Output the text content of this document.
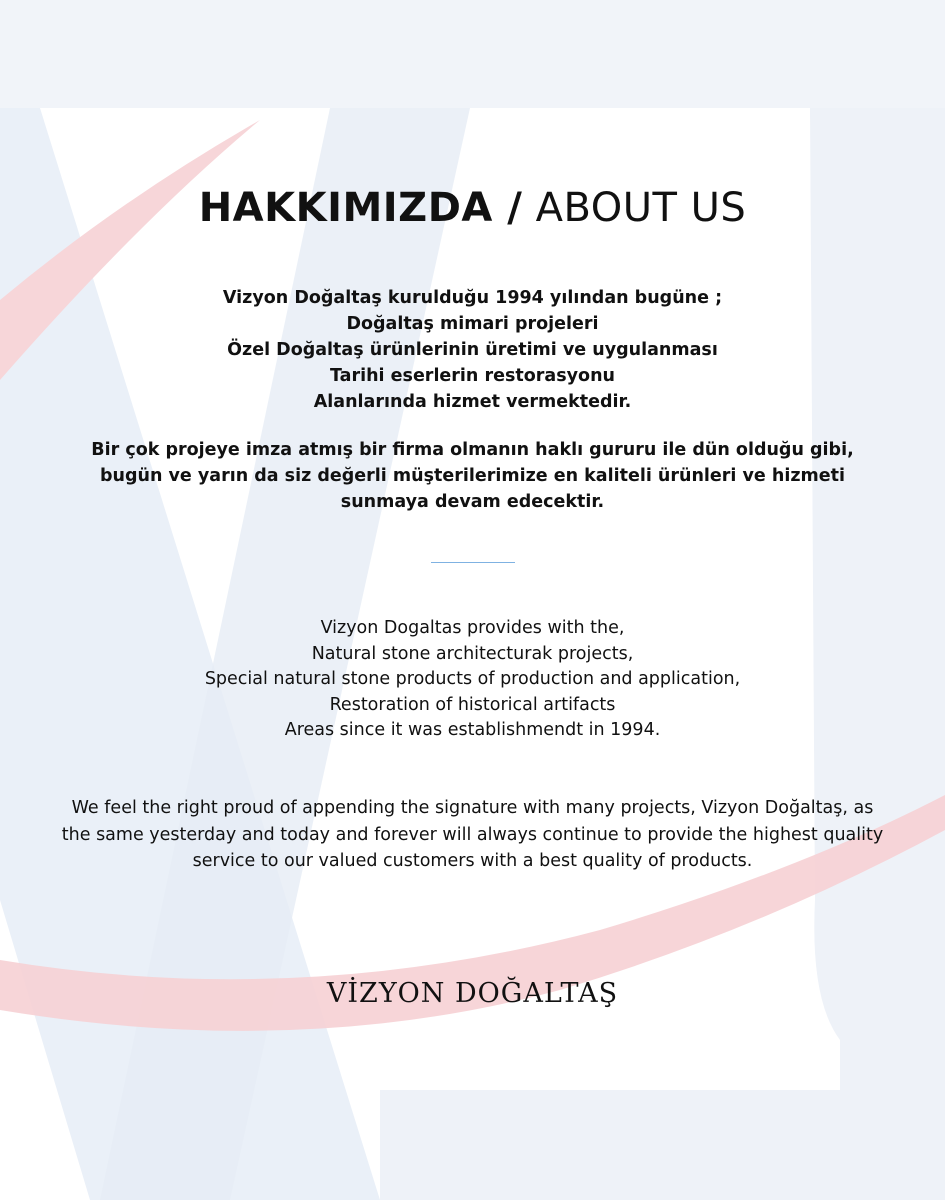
HAKKIMIZDA / ABOUT US
Vizyon Doğaltaş kurulduğu 1994 yılından bugüne ;
Doğaltaş mimari projeleri
Özel Doğaltaş ürünlerinin üretimi ve uygulanması
Tarihi eserlerin restorasyonu
Alanlarında hizmet vermektedir.

Bir çok projeye imza atmış bir firma olmanın haklı gururu ile dün olduğu gibi, bugün ve yarın da siz değerli müşterilerimize en kaliteli ürünleri ve hizmeti sunmaya devam edecektir.

Vizyon Dogaltas provides with the,
Natural stone architecturak projects,
Special natural stone products of production and application,
Restoration of historical artifacts
Areas since it was establishmendt in 1994.

We feel the right proud of appending the signature with many projects, Vizyon Doğaltaş, as the same yesterday and today and forever will always continue to provide the highest quality service to our valued customers with a best quality of products.

VİZYON DOĞALTAŞ
